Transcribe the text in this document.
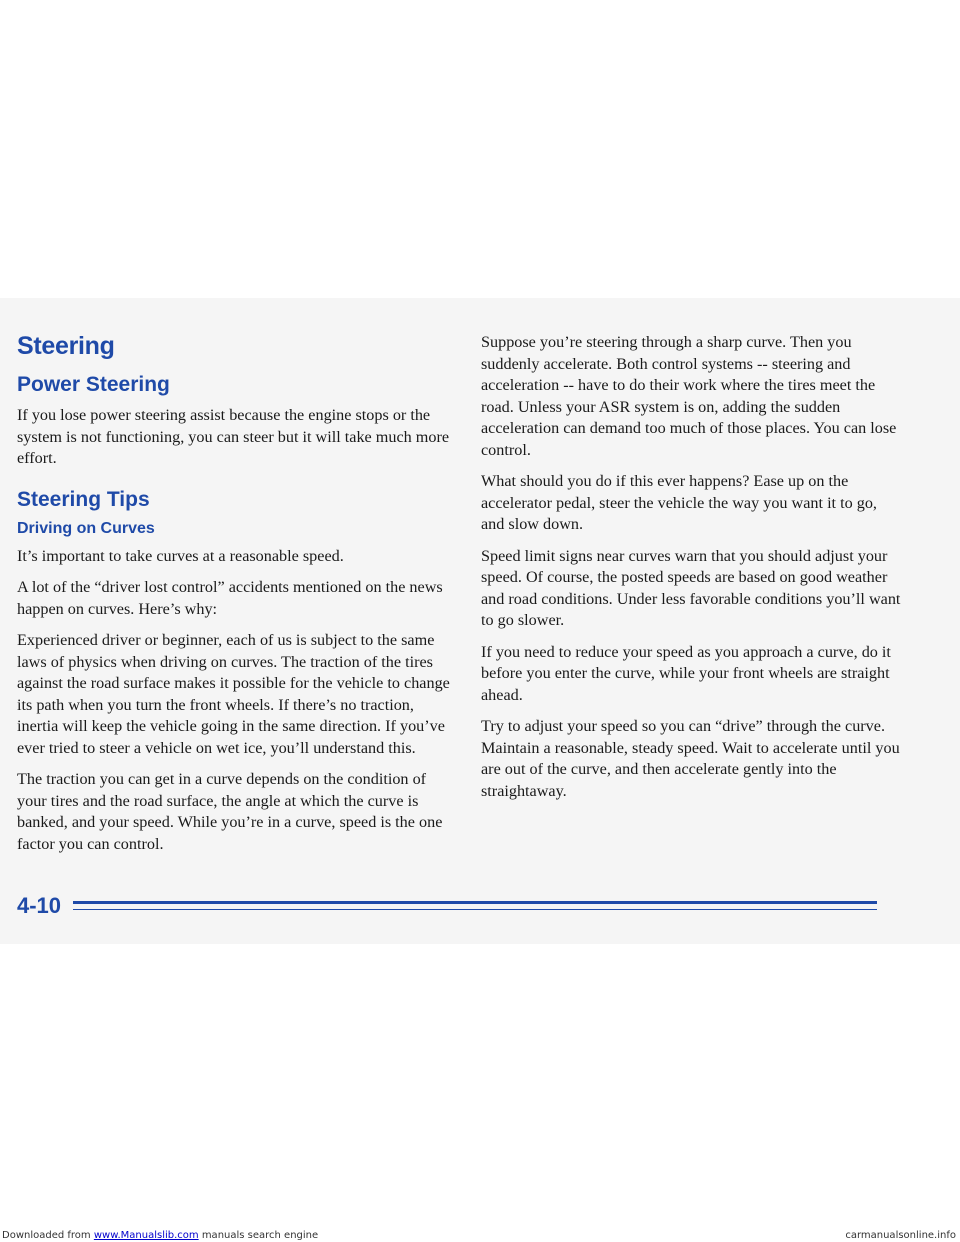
Steering
Power Steering

If you lose power steering assist because the engine stops or the system is not functioning, you can steer but it will take much more effort.

Steering Tips
Driving on Curves

It’s important to take curves at a reasonable speed.

A lot of the “driver lost control” accidents mentioned on the news happen on curves. Here’s why:

Experienced driver or beginner, each of us is subject to the same laws of physics when driving on curves. The traction of the tires against the road surface makes it possible for the vehicle to change its path when you turn the front wheels. If there’s no traction, inertia will keep the vehicle going in the same direction. If you’ve ever tried to steer a vehicle on wet ice, you’ll understand this.

The traction you can get in a curve depends on the condition of your tires and the road surface, the angle at which the curve is banked, and your speed. While you’re in a curve, speed is the one factor you can control.

Suppose you’re steering through a sharp curve. Then you suddenly accelerate. Both control systems -- steering and acceleration -- have to do their work where the tires meet the road. Unless your ASR system is on, adding the sudden acceleration can demand too much of those places. You can lose control.

What should you do if this ever happens? Ease up on the accelerator pedal, steer the vehicle the way you want it to go, and slow down.

Speed limit signs near curves warn that you should adjust your speed. Of course, the posted speeds are based on good weather and road conditions. Under less favorable conditions you’ll want to go slower.

If you need to reduce your speed as you approach a curve, do it before you enter the curve, while your front wheels are straight ahead.

Try to adjust your speed so you can “drive” through the curve. Maintain a reasonable, steady speed. Wait to accelerate until you are out of the curve, and then accelerate gently into the straightaway.

4-10
Downloaded from www.Manualslib.com manuals search engine	carmanualsonline.info
